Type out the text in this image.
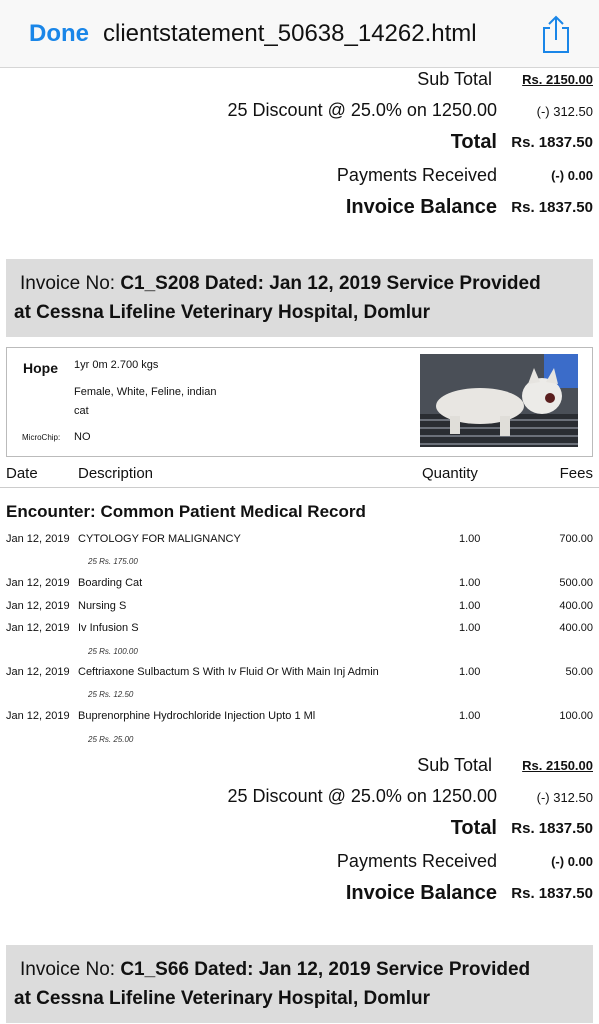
Done clientstatement_50638_14262.html
Sub Total Rs. 2150.00
25 Discount @ 25.0% on 1250.00	(-) 312.50
Total Rs. 1837.50
Payments Received	(-) 0.00
Invoice Balance Rs. 1837.50
Invoice No: C1_S208 Dated: Jan 12, 2019 Service Provided
at Cessna Lifeline Veterinary Hospital, Domlur
Hope 1yr 0m 2.700 kgs
Female, White, Feline, indian
cat
MicroChip: NO
Date	Description	Quantity	Fees
Encounter: Common Patient Medical Record
Jan 12, 2019 CYTOLOGY FOR MALIGNANCY	1.00	700.00
25 Rs. 175.00
Jan 12, 2019 Boarding Cat	1.00	500.00
Jan 12, 2019 Nursing S	1.00	400.00
Jan 12, 2019 Iv Infusion S	1.00	400.00
25 Rs. 100.00
Jan 12, 2019 Ceftriaxone Sulbactum S With Iv Fluid Or With Main Inj Admin	1.00	50.00
25 Rs. 12.50
Jan 12, 2019 Buprenorphine Hydrochloride Injection Upto 1 Ml	1.00	100.00
25 Rs. 25.00
Sub Total Rs. 2150.00
25 Discount @ 25.0% on 1250.00	(-) 312.50
Total Rs. 1837.50
Payments Received	(-) 0.00
Invoice Balance Rs. 1837.50
Invoice No: C1_S66 Dated: Jan 12, 2019 Service Provided
at Cessna Lifeline Veterinary Hospital, Domlur
